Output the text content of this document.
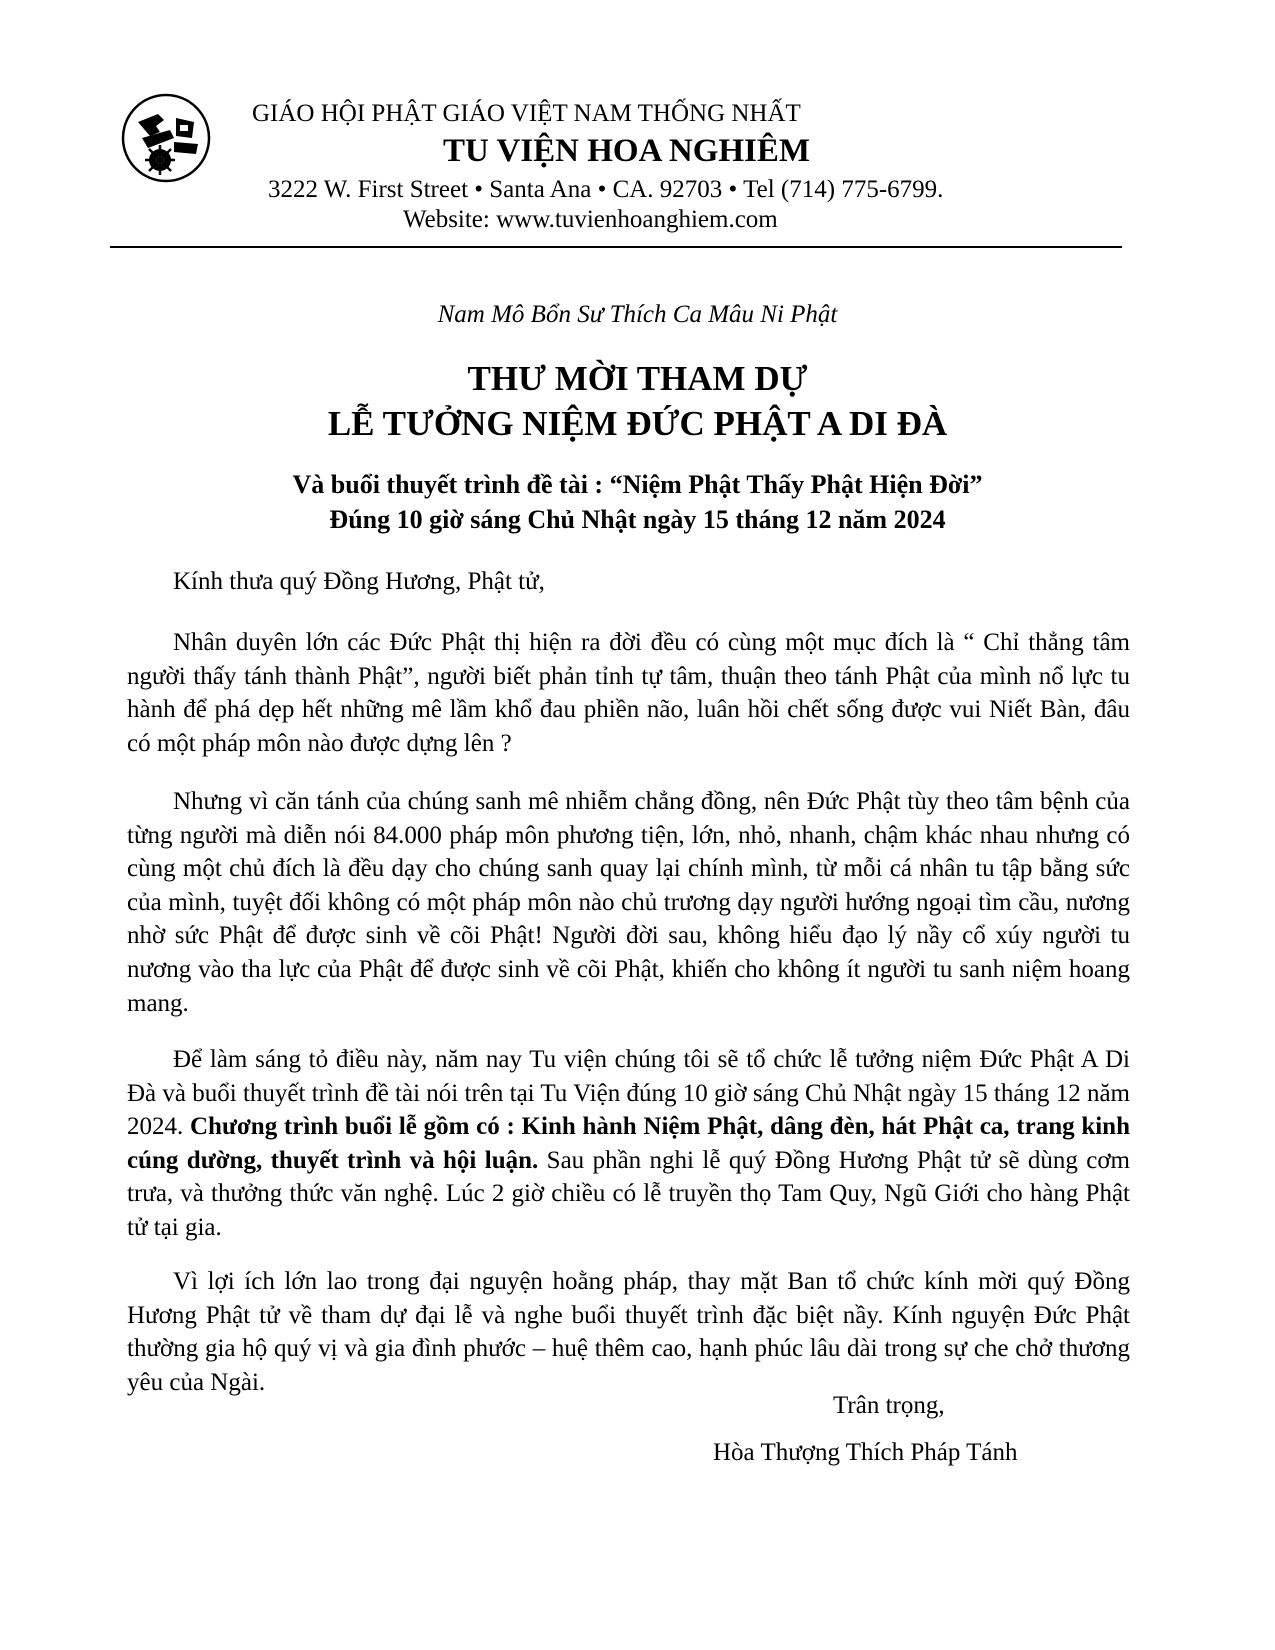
GIÁO HỘI PHẬT GIÁO VIỆT NAM THỐNG NHẤT
TU VIỆN HOA NGHIÊM
3222 W. First Street • Santa Ana • CA. 92703 • Tel (714) 775-6799.
Website: www.tuvienhoanghiem.com
Nam Mô Bổn Sư Thích Ca Mâu Ni Phật
THƯ MỜI THAM DỰ
LỄ TƯỞNG NIỆM ĐỨC PHẬT A DI ĐÀ
Và buổi thuyết trình đề tài : “Niệm Phật Thấy Phật Hiện Đời”
Đúng 10 giờ sáng Chủ Nhật ngày 15 tháng 12 năm 2024
Kính thưa quý Đồng Hương, Phật tử,

Nhân duyên lớn các Đức Phật thị hiện ra đời đều có cùng một mục đích là “ Chỉ thẳng tâm người thấy tánh thành Phật”, người biết phản tỉnh tự tâm, thuận theo tánh Phật của mình nổ lực tu hành để phá dẹp hết những mê lầm khổ đau phiền não, luân hồi chết sống được vui Niết Bàn, đâu có một pháp môn nào được dựng lên ?

Nhưng vì căn tánh của chúng sanh mê nhiễm chẳng đồng, nên Đức Phật tùy theo tâm bệnh của từng người mà diễn nói 84.000 pháp môn phương tiện, lớn, nhỏ, nhanh, chậm khác nhau nhưng có cùng một chủ đích là đều dạy cho chúng sanh quay lại chính mình, từ mỗi cá nhân tu tập bằng sức của mình, tuyệt đối không có một pháp môn nào chủ trương dạy người hướng ngoại tìm cầu, nương nhờ sức Phật để được sinh về cõi Phật! Người đời sau, không hiểu đạo lý nầy cổ xúy người tu nương vào tha lực của Phật để được sinh về cõi Phật, khiến cho không ít người tu sanh niệm hoang mang.

Để làm sáng tỏ điều này, năm nay Tu viện chúng tôi sẽ tổ chức lễ tưởng niệm Đức Phật A Di Đà và buổi thuyết trình đề tài nói trên tại Tu Viện đúng 10 giờ sáng Chủ Nhật ngày 15 tháng 12 năm 2024. Chương trình buổi lễ gồm có : Kinh hành Niệm Phật, dâng đèn, hát Phật ca, trang kinh cúng dường, thuyết trình và hội luận. Sau phần nghi lễ quý Đồng Hương Phật tử sẽ dùng cơm trưa, và thưởng thức văn nghệ. Lúc 2 giờ chiều có lễ truyền thọ Tam Quy, Ngũ Giới cho hàng Phật tử tại gia.

Vì lợi ích lớn lao trong đại nguyện hoằng pháp, thay mặt Ban tổ chức kính mời quý Đồng Hương Phật tử về tham dự đại lễ và nghe buổi thuyết trình đặc biệt nầy. Kính nguyện Đức Phật thường gia hộ quý vị và gia đình phước – huệ thêm cao, hạnh phúc lâu dài trong sự che chở thương yêu của Ngài.

Trân trọng,
Hòa Thượng Thích Pháp Tánh
